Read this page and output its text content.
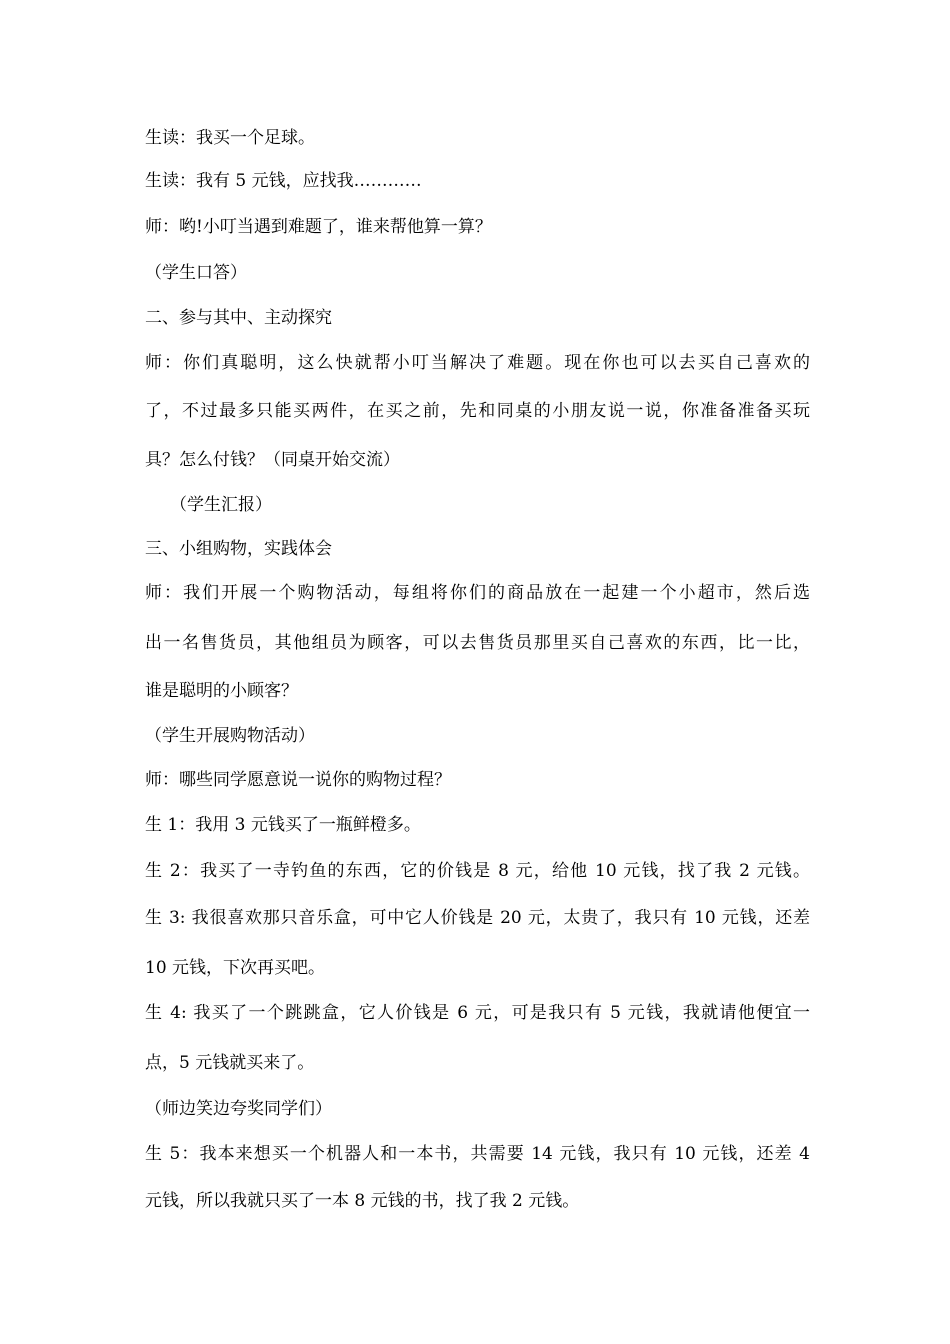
生读：我买一个足球。
生读：我有 5 元钱，应找我…………
师：哟!小叮当遇到难题了，谁来帮他算一算？
（学生口答）
二、参与其中、主动探究
师：你们真聪明，这么快就帮小叮当解决了难题。现在你也可以去买自己喜欢的
了，不过最多只能买两件，在买之前，先和同桌的小朋友说一说，你准备准备买玩
具？怎么付钱？（同桌开始交流）
（学生汇报）
三、小组购物，实践体会
师：我们开展一个购物活动，每组将你们的商品放在一起建一个小超市，然后选
出一名售货员，其他组员为顾客，可以去售货员那里买自己喜欢的东西，比一比，
谁是聪明的小顾客？
（学生开展购物活动）
师：哪些同学愿意说一说你的购物过程？
生 1：我用 3 元钱买了一瓶鲜橙多。
生 2：我买了一寺钓鱼的东西，它的价钱是 8 元，给他 10 元钱，找了我 2 元钱。
生 3: 我很喜欢那只音乐盒，可中它人价钱是 20 元，太贵了，我只有 10 元钱，还差
10 元钱，下次再买吧。
生 4: 我买了一个跳跳盒，它人价钱是 6 元，可是我只有 5 元钱，我就请他便宜一
点，5 元钱就买来了。
（师边笑边夸奖同学们）
生 5：我本来想买一个机器人和一本书，共需要 14 元钱，我只有 10 元钱，还差 4
元钱，所以我就只买了一本 8 元钱的书，找了我 2 元钱。
